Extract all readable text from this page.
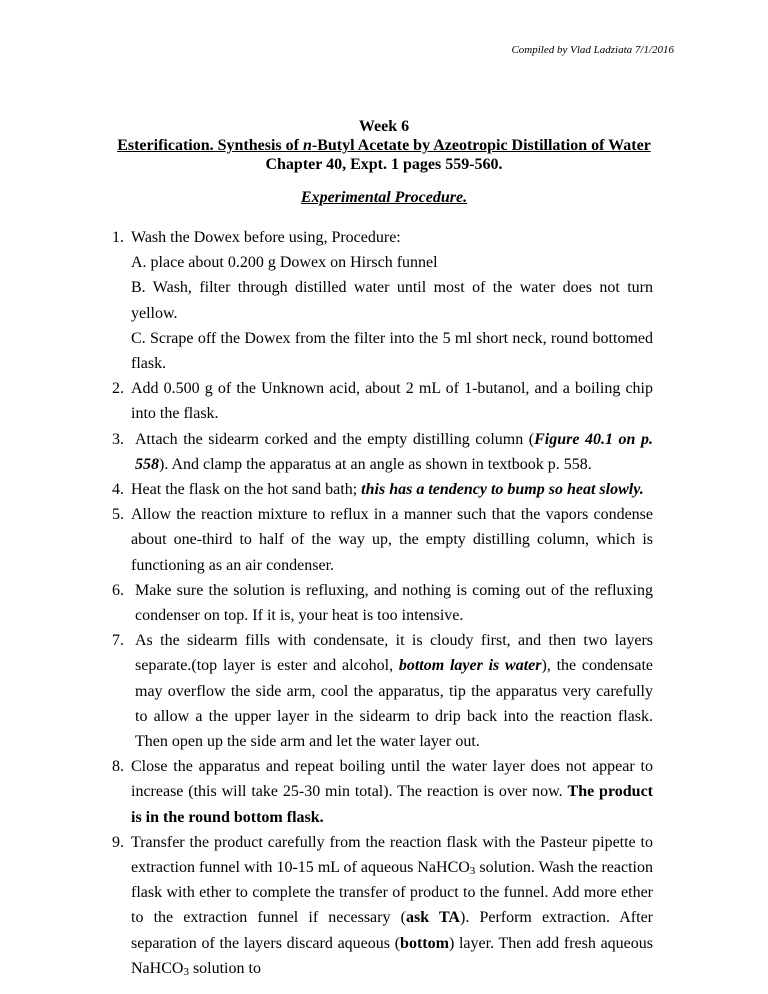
Compiled by Vlad Ladziata 7/1/2016
Week 6
Esterification. Synthesis of n-Butyl Acetate by Azeotropic Distillation of Water
Chapter 40, Expt. 1 pages 559-560.
Experimental Procedure.
1. Wash the Dowex before using, Procedure:
A. place about 0.200 g Dowex on Hirsch funnel
B. Wash, filter through distilled water until most of the water does not turn yellow.
C. Scrape off the Dowex from the filter into the 5 ml short neck, round bottomed flask.
2. Add 0.500 g of the Unknown acid, about 2 mL of 1-butanol, and a boiling chip into the flask.
3. Attach the sidearm corked and the empty distilling column (Figure 40.1 on p. 558). And clamp the apparatus at an angle as shown in textbook p. 558.
4. Heat the flask on the hot sand bath; this has a tendency to bump so heat slowly.
5. Allow the reaction mixture to reflux in a manner such that the vapors condense about one-third to half of the way up, the empty distilling column, which is functioning as an air condenser.
6. Make sure the solution is refluxing, and nothing is coming out of the refluxing condenser on top. If it is, your heat is too intensive.
7. As the sidearm fills with condensate, it is cloudy first, and then two layers separate.(top layer is ester and alcohol, bottom layer is water), the condensate may overflow the side arm, cool the apparatus, tip the apparatus very carefully to allow a the upper layer in the sidearm to drip back into the reaction flask. Then open up the side arm and let the water layer out.
8. Close the apparatus and repeat boiling until the water layer does not appear to increase (this will take 25-30 min total). The reaction is over now. The product is in the round bottom flask.
9. Transfer the product carefully from the reaction flask with the Pasteur pipette to extraction funnel with 10-15 mL of aqueous NaHCO$_3$ solution. Wash the reaction flask with ether to complete the transfer of product to the funnel. Add more ether to the extraction funnel if necessary (ask TA). Perform extraction. After separation of the layers discard aqueous (bottom) layer. Then add fresh aqueous NaHCO$_3$ solution to
